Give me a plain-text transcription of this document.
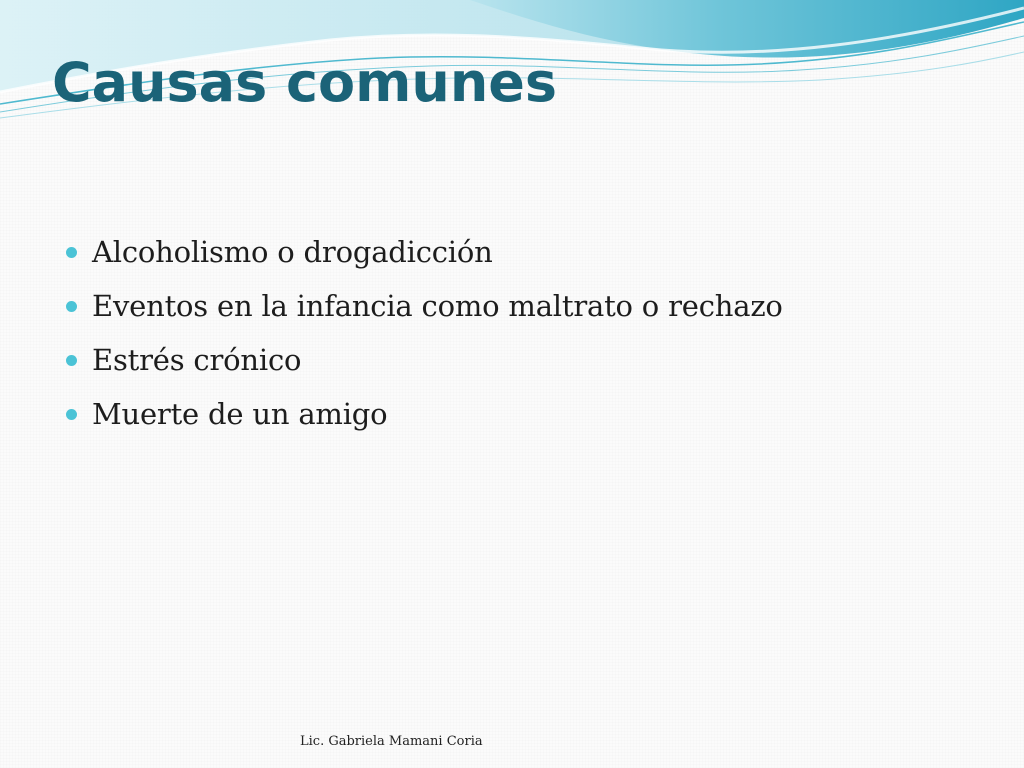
Causas comunes
Alcoholismo o drogadicción
Eventos en la infancia como maltrato o rechazo
Estrés crónico
Muerte de un amigo
Lic. Gabriela Mamani Coria
